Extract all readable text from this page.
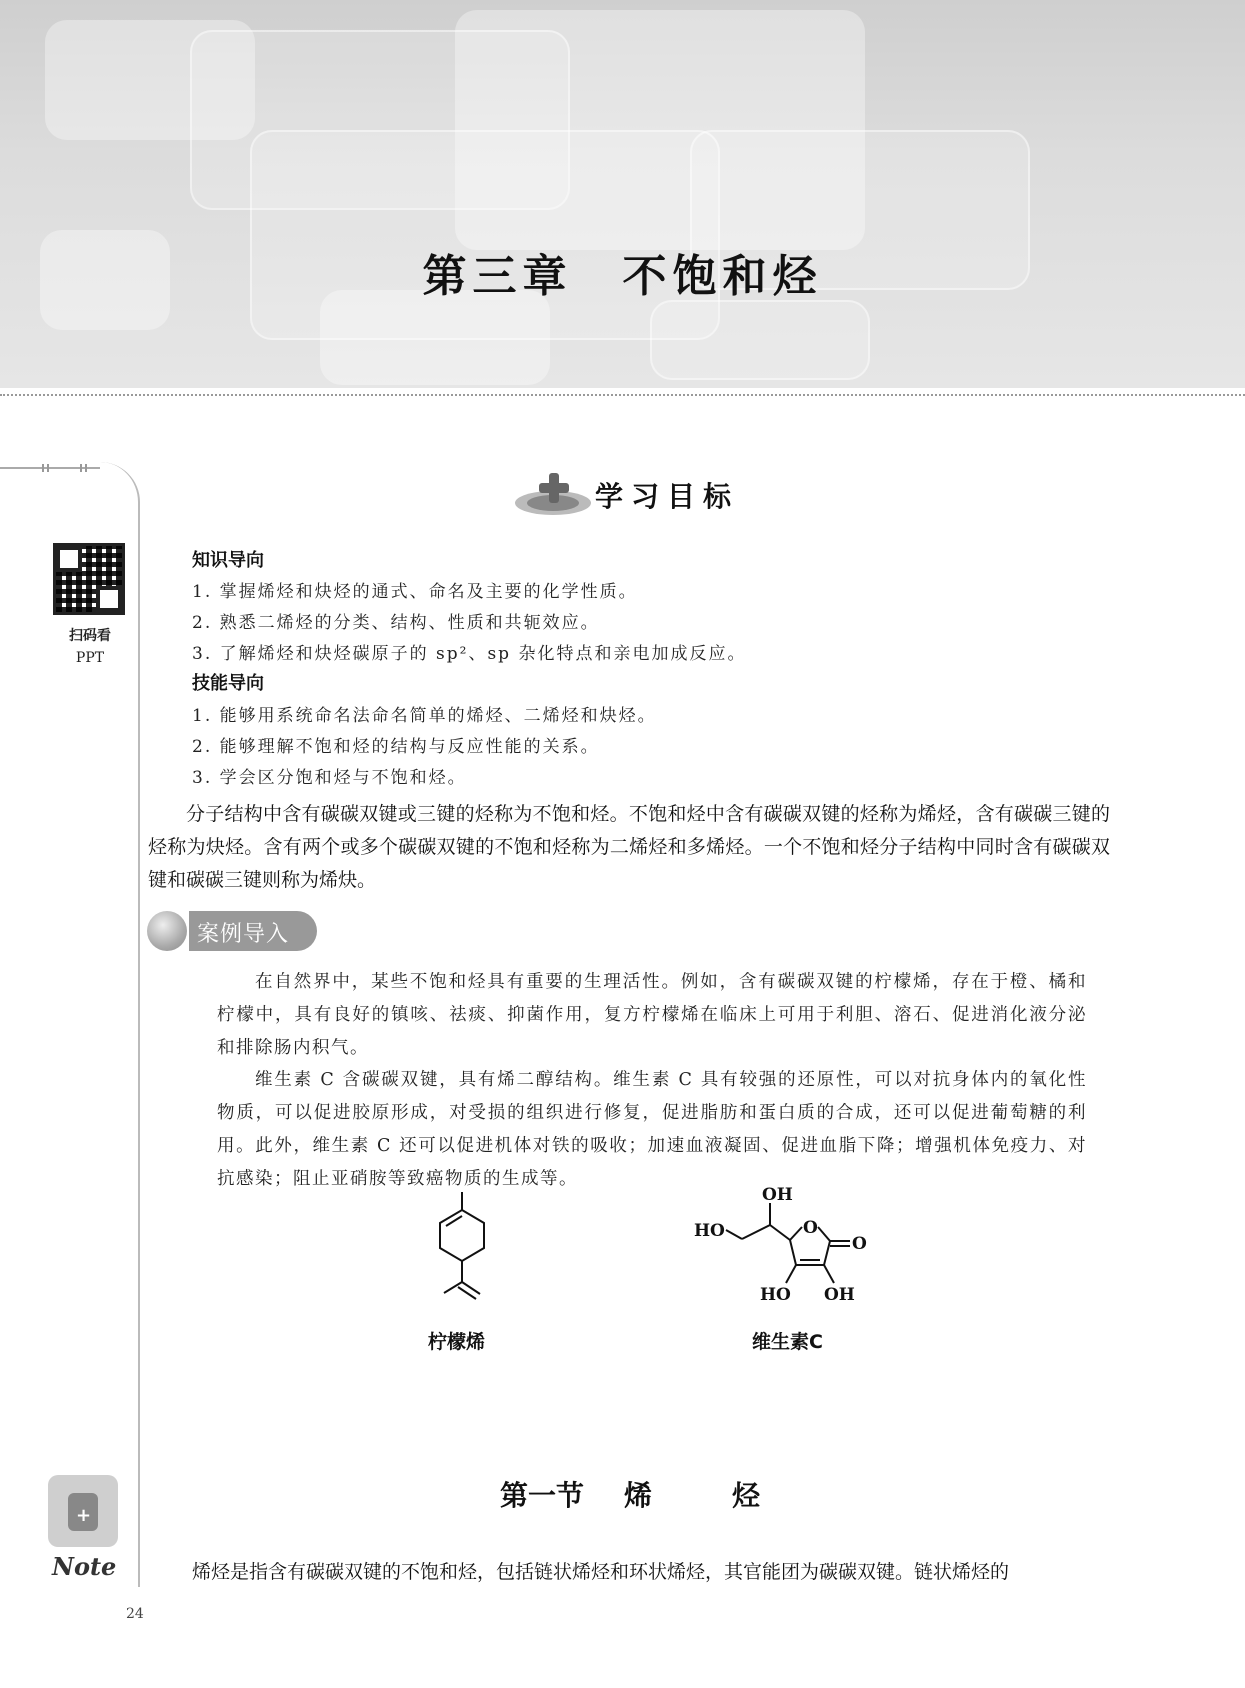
第三章　不饱和烃
扫码看
PPT
+
Note
24
学习目标
知识导向
1. 掌握烯烃和炔烃的通式、命名及主要的化学性质。
2. 熟悉二烯烃的分类、结构、性质和共轭效应。
3. 了解烯烃和炔烃碳原子的 sp²、sp 杂化特点和亲电加成反应。
技能导向
1. 能够用系统命名法命名简单的烯烃、二烯烃和炔烃。
2. 能够理解不饱和烃的结构与反应性能的关系。
3. 学会区分饱和烃与不饱和烃。
分子结构中含有碳碳双键或三键的烃称为不饱和烃。不饱和烃中含有碳碳双键的烃称为烯烃，含有碳碳三键的烃称为炔烃。含有两个或多个碳碳双键的不饱和烃称为二烯烃和多烯烃。一个不饱和烃分子结构中同时含有碳碳双键和碳碳三键则称为烯炔。
案例导入
在自然界中，某些不饱和烃具有重要的生理活性。例如，含有碳碳双键的柠檬烯，存在于橙、橘和柠檬中，具有良好的镇咳、祛痰、抑菌作用，复方柠檬烯在临床上可用于利胆、溶石、促进消化液分泌和排除肠内积气。
维生素 C 含碳碳双键，具有烯二醇结构。维生素 C 具有较强的还原性，可以对抗身体内的氧化性物质，可以促进胶原形成，对受损的组织进行修复，促进脂肪和蛋白质的合成，还可以促进葡萄糖的利用。此外，维生素 C 还可以促进机体对铁的吸收；加速血液凝固、促进血脂下降；增强机体免疫力、对抗感染；阻止亚硝胺等致癌物质的生成等。
柠檬烯
OH
HO	O
O
HO OH
维生素C
第一节 烯	烃
烯烃是指含有碳碳双键的不饱和烃，包括链状烯烃和环状烯烃，其官能团为碳碳双键。链状烯烃的
